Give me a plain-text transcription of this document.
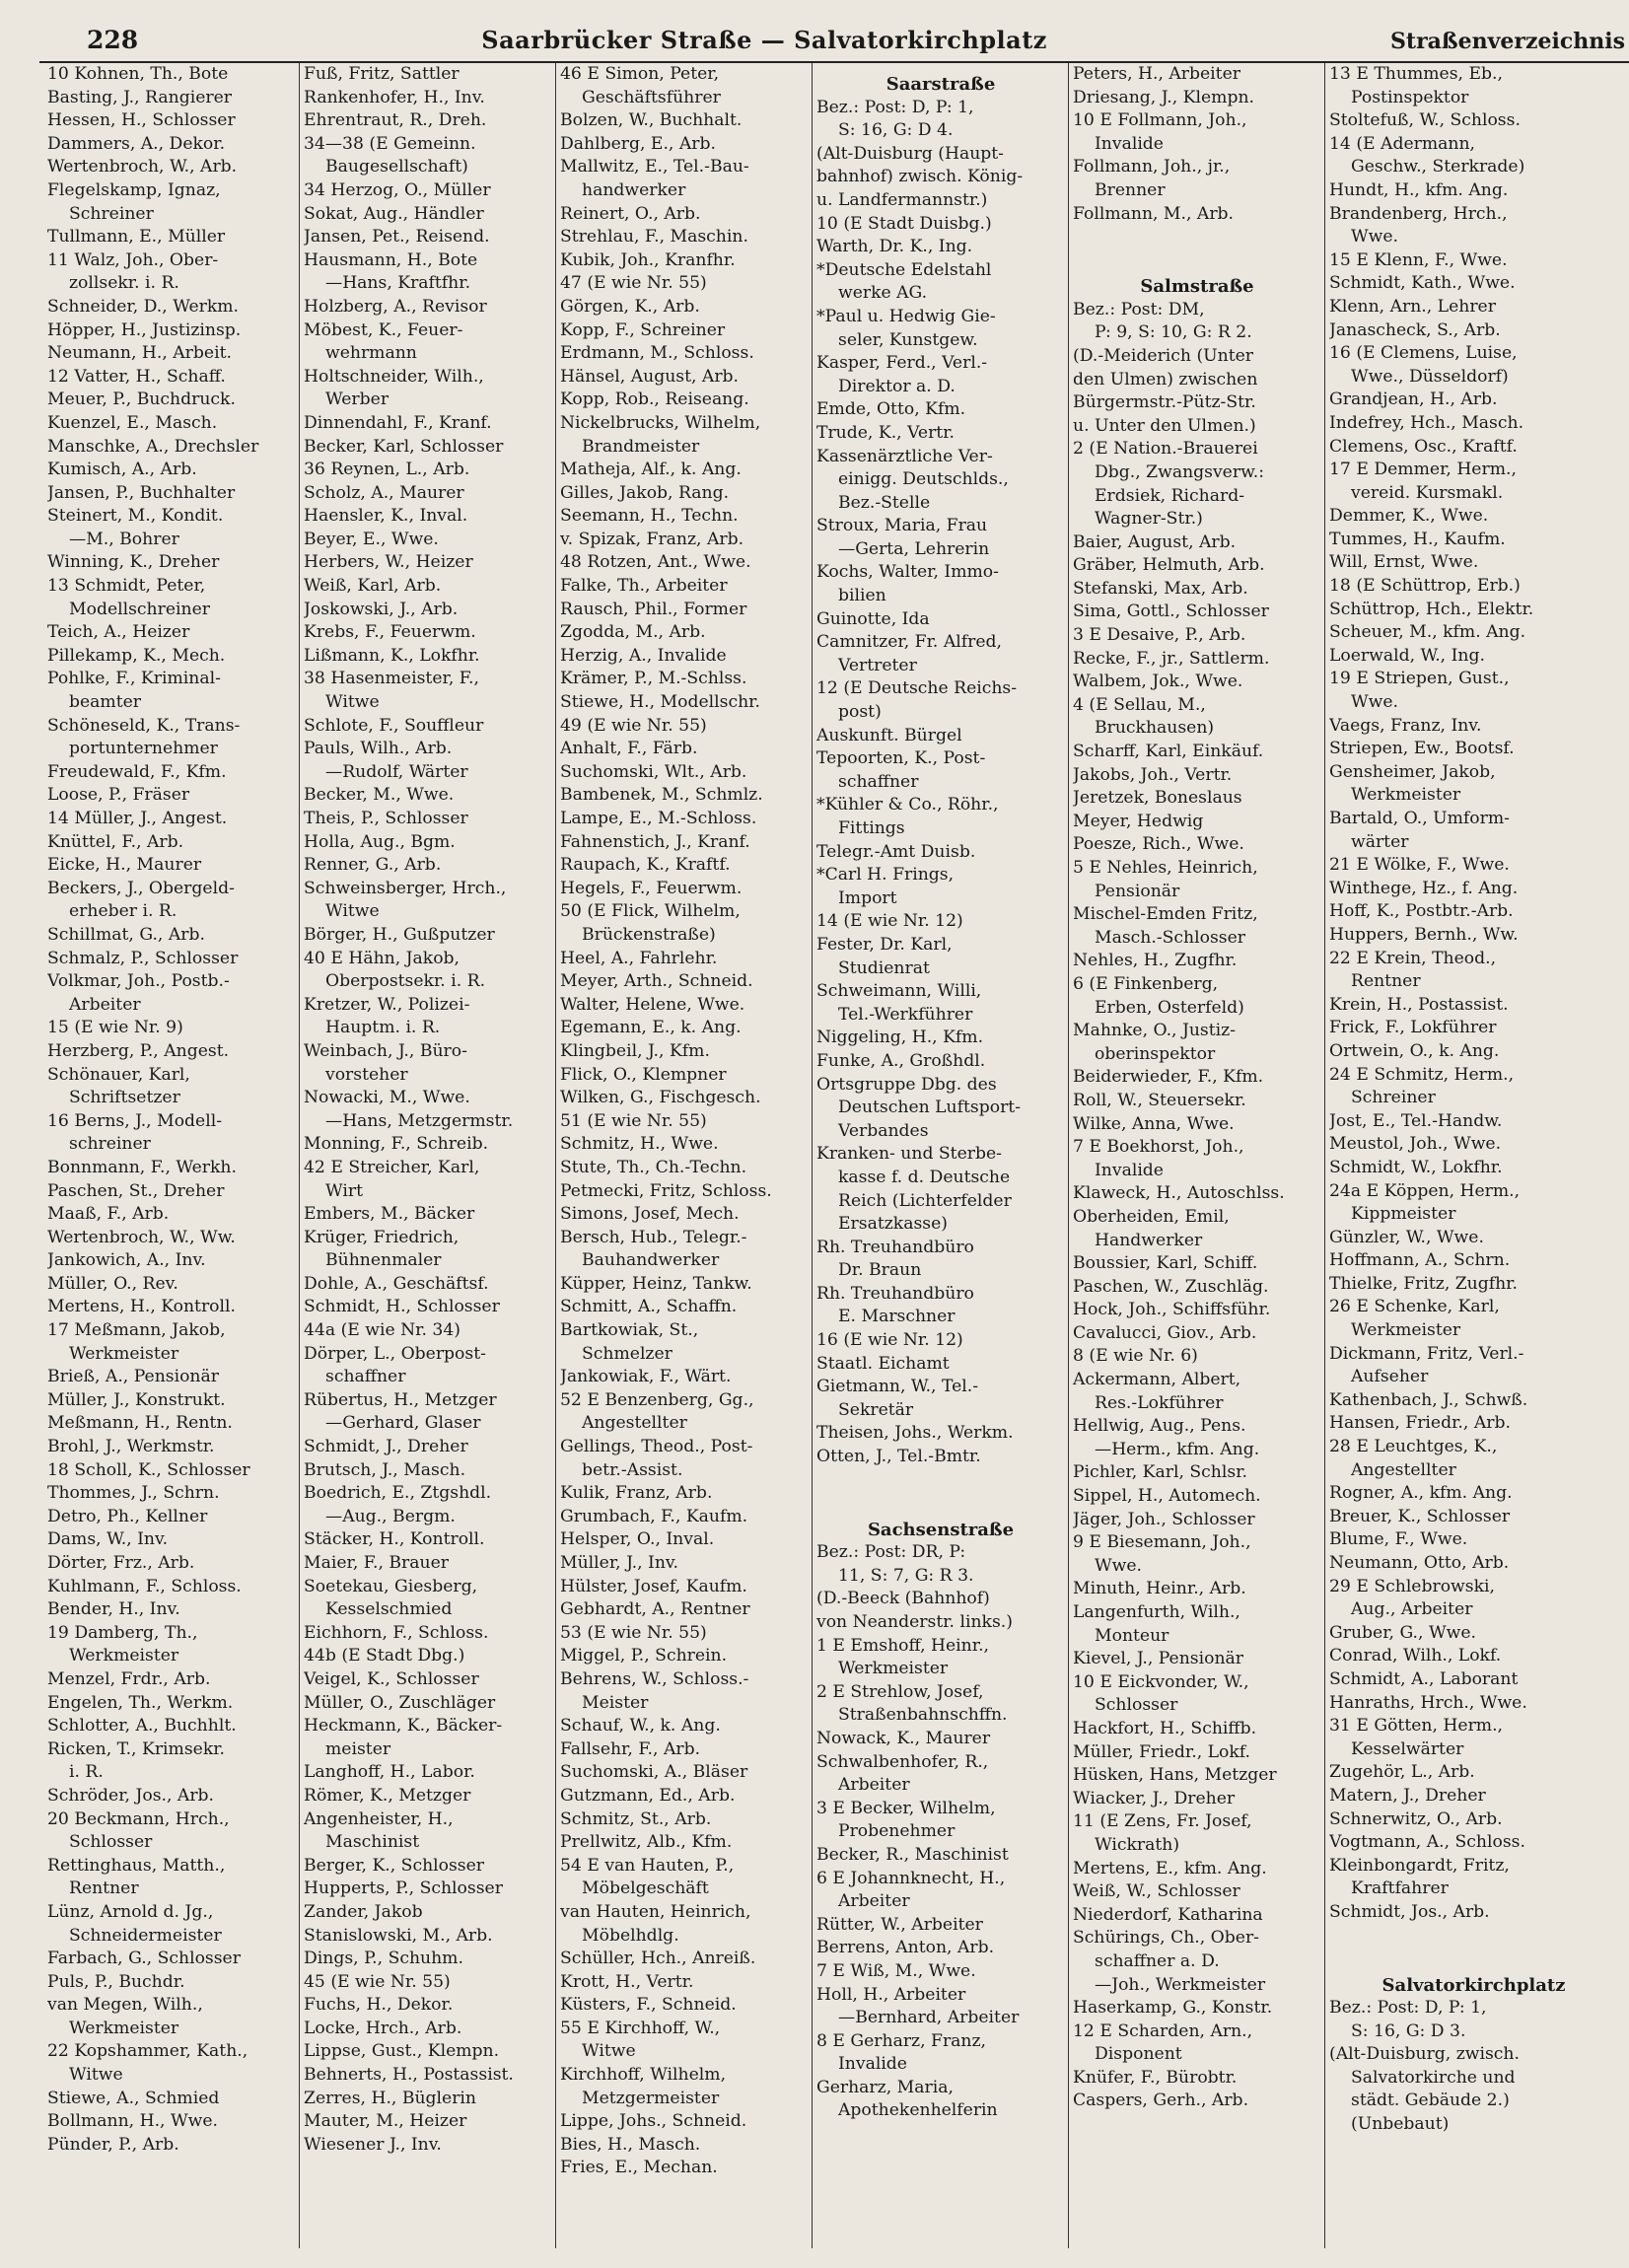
228	Saarbrücker Straße — Salvatorkirchplatz	Straßenverzeichnis
10 Kohnen, Th., Bote
Basting, J., Rangierer
Hessen, H., Schlosser
Dammers, A., Dekor.
Wertenbroch, W., Arb.
Flegelskamp, Ignaz,
Schreiner
Tullmann, E., Müller
11 Walz, Joh., Ober-
zollsekr. i. R.
Schneider, D., Werkm.
Höpper, H., Justizinsp.
Neumann, H., Arbeit.
12 Vatter, H., Schaff.
Meuer, P., Buchdruck.
Kuenzel, E., Masch.
Manschke, A., Drechsler
Kumisch, A., Arb.
Jansen, P., Buchhalter
Steinert, M., Kondit.
—M., Bohrer
Winning, K., Dreher
13 Schmidt, Peter,
Modellschreiner
Teich, A., Heizer
Pillekamp, K., Mech.
Pohlke, F., Kriminal-
beamter
Schöneseld, K., Trans-
portunternehmer
Freudewald, F., Kfm.
Loose, P., Fräser
14 Müller, J., Angest.
Knüttel, F., Arb.
Eicke, H., Maurer
Beckers, J., Obergeld-
erheber i. R.
Schillmat, G., Arb.
Schmalz, P., Schlosser
Volkmar, Joh., Postb.-
Arbeiter
15 (E wie Nr. 9)
Herzberg, P., Angest.
Schönauer, Karl,
Schriftsetzer
16 Berns, J., Modell-
schreiner
Bonnmann, F., Werkh.
Paschen, St., Dreher
Maaß, F., Arb.
Wertenbroch, W., Ww.
Jankowich, A., Inv.
Müller, O., Rev.
Mertens, H., Kontroll.
17 Meßmann, Jakob,
Werkmeister
Brieß, A., Pensionär
Müller, J., Konstrukt.
Meßmann, H., Rentn.
Brohl, J., Werkmstr.
18 Scholl, K., Schlosser
Thommes, J., Schrn.
Detro, Ph., Kellner
Dams, W., Inv.
Dörter, Frz., Arb.
Kuhlmann, F., Schloss.
Bender, H., Inv.
19 Damberg, Th.,
Werkmeister
Menzel, Frdr., Arb.
Engelen, Th., Werkm.
Schlotter, A., Buchhlt.
Ricken, T., Krimsekr.
i. R.
Schröder, Jos., Arb.
20 Beckmann, Hrch.,
Schlosser
Rettinghaus, Matth.,
Rentner
Lünz, Arnold d. Jg.,
Schneidermeister
Farbach, G., Schlosser
Puls, P., Buchdr.
van Megen, Wilh.,
Werkmeister
22 Kopshammer, Kath.,
Witwe
Stiewe, A., Schmied
Bollmann, H., Wwe.
Pünder, P., Arb.
Fuß, Fritz, Sattler
Rankenhofer, H., Inv.
Ehrentraut, R., Dreh.
34—38 (E Gemeinn.
Baugesellschaft)
34 Herzog, O., Müller
Sokat, Aug., Händler
Jansen, Pet., Reisend.
Hausmann, H., Bote
—Hans, Kraftfhr.
Holzberg, A., Revisor
Möbest, K., Feuer-
wehrmann
Holtschneider, Wilh.,
Werber
Dinnendahl, F., Kranf.
Becker, Karl, Schlosser
36 Reynen, L., Arb.
Scholz, A., Maurer
Haensler, K., Inval.
Beyer, E., Wwe.
Herbers, W., Heizer
Weiß, Karl, Arb.
Joskowski, J., Arb.
Krebs, F., Feuerwm.
Lißmann, K., Lokfhr.
38 Hasenmeister, F.,
Witwe
Schlote, F., Souffleur
Pauls, Wilh., Arb.
—Rudolf, Wärter
Becker, M., Wwe.
Theis, P., Schlosser
Holla, Aug., Bgm.
Renner, G., Arb.
Schweinsberger, Hrch.,
Witwe
Börger, H., Gußputzer
40 E Hähn, Jakob,
Oberpostsekr. i. R.
Kretzer, W., Polizei-
Hauptm. i. R.
Weinbach, J., Büro-
vorsteher
Nowacki, M., Wwe.
—Hans, Metzgermstr.
Monning, F., Schreib.
42 E Streicher, Karl,
Wirt
Embers, M., Bäcker
Krüger, Friedrich,
Bühnenmaler
Dohle, A., Geschäftsf.
Schmidt, H., Schlosser
44a (E wie Nr. 34)
Dörper, L., Oberpost-
schaffner
Rübertus, H., Metzger
—Gerhard, Glaser
Schmidt, J., Dreher
Brutsch, J., Masch.
Boedrich, E., Ztgshdl.
—Aug., Bergm.
Stäcker, H., Kontroll.
Maier, F., Brauer
Soetekau, Giesberg,
Kesselschmied
Eichhorn, F., Schloss.
44b (E Stadt Dbg.)
Veigel, K., Schlosser
Müller, O., Zuschläger
Heckmann, K., Bäcker-
meister
Langhoff, H., Labor.
Römer, K., Metzger
Angenheister, H.,
Maschinist
Berger, K., Schlosser
Hupperts, P., Schlosser
Zander, Jakob
Stanislowski, M., Arb.
Dings, P., Schuhm.
45 (E wie Nr. 55)
Fuchs, H., Dekor.
Locke, Hrch., Arb.
Lippse, Gust., Klempn.
Behnerts, H., Postassist.
Zerres, H., Büglerin
Mauter, M., Heizer
Wiesener J., Inv.
46 E Simon, Peter,
Geschäftsführer
Bolzen, W., Buchhalt.
Dahlberg, E., Arb.
Mallwitz, E., Tel.-Bau-
handwerker
Reinert, O., Arb.
Strehlau, F., Maschin.
Kubik, Joh., Kranfhr.
47 (E wie Nr. 55)
Görgen, K., Arb.
Kopp, F., Schreiner
Erdmann, M., Schloss.
Hänsel, August, Arb.
Kopp, Rob., Reiseang.
Nickelbrucks, Wilhelm,
Brandmeister
Matheja, Alf., k. Ang.
Gilles, Jakob, Rang.
Seemann, H., Techn.
v. Spizak, Franz, Arb.
48 Rotzen, Ant., Wwe.
Falke, Th., Arbeiter
Rausch, Phil., Former
Zgodda, M., Arb.
Herzig, A., Invalide
Krämer, P., M.-Schlss.
Stiewe, H., Modellschr.
49 (E wie Nr. 55)
Anhalt, F., Färb.
Suchomski, Wlt., Arb.
Bambenek, M., Schmlz.
Lampe, E., M.-Schloss.
Fahnenstich, J., Kranf.
Raupach, K., Kraftf.
Hegels, F., Feuerwm.
50 (E Flick, Wilhelm,
Brückenstraße)
Heel, A., Fahrlehr.
Meyer, Arth., Schneid.
Walter, Helene, Wwe.
Egemann, E., k. Ang.
Klingbeil, J., Kfm.
Flick, O., Klempner
Wilken, G., Fischgesch.
51 (E wie Nr. 55)
Schmitz, H., Wwe.
Stute, Th., Ch.-Techn.
Petmecki, Fritz, Schloss.
Simons, Josef, Mech.
Bersch, Hub., Telegr.-
Bauhandwerker
Küpper, Heinz, Tankw.
Schmitt, A., Schaffn.
Bartkowiak, St.,
Schmelzer
Jankowiak, F., Wärt.
52 E Benzenberg, Gg.,
Angestellter
Gellings, Theod., Post-
betr.-Assist.
Kulik, Franz, Arb.
Grumbach, F., Kaufm.
Helsper, O., Inval.
Müller, J., Inv.
Hülster, Josef, Kaufm.
Gebhardt, A., Rentner
53 (E wie Nr. 55)
Miggel, P., Schrein.
Behrens, W., Schloss.-
Meister
Schauf, W., k. Ang.
Fallsehr, F., Arb.
Suchomski, A., Bläser
Gutzmann, Ed., Arb.
Schmitz, St., Arb.
Prellwitz, Alb., Kfm.
54 E van Hauten, P.,
Möbelgeschäft
van Hauten, Heinrich,
Möbelhdlg.
Schüller, Hch., Anreiß.
Krott, H., Vertr.
Küsters, F., Schneid.
55 E Kirchhoff, W.,
Witwe
Kirchhoff, Wilhelm,
Metzgermeister
Lippe, Johs., Schneid.
Bies, H., Masch.
Fries, E., Mechan.
Saarstraße
Bez.: Post: D, P: 1,
S: 16, G: D 4.
(Alt-Duisburg (Haupt-
bahnhof) zwisch. König-
u. Landfermannstr.)
10 (E Stadt Duisbg.)
Warth, Dr. K., Ing.
*Deutsche Edelstahl
werke AG.
*Paul u. Hedwig Gie-
seler, Kunstgew.
Kasper, Ferd., Verl.-
Direktor a. D.
Emde, Otto, Kfm.
Trude, K., Vertr.
Kassenärztliche Ver-
einigg. Deutschlds.,
Bez.-Stelle
Stroux, Maria, Frau
—Gerta, Lehrerin
Kochs, Walter, Immo-
bilien
Guinotte, Ida
Camnitzer, Fr. Alfred,
Vertreter
12 (E Deutsche Reichs-
post)
Auskunft. Bürgel
Tepoorten, K., Post-
schaffner
*Kühler & Co., Röhr.,
Fittings
Telegr.-Amt Duisb.
*Carl H. Frings,
Import
14 (E wie Nr. 12)
Fester, Dr. Karl,
Studienrat
Schweimann, Willi,
Tel.-Werkführer
Niggeling, H., Kfm.
Funke, A., Großhdl.
Ortsgruppe Dbg. des
Deutschen Luftsport-
Verbandes
Kranken- und Sterbe-
kasse f. d. Deutsche
Reich (Lichterfelder
Ersatzkasse)
Rh. Treuhandbüro
Dr. Braun
Rh. Treuhandbüro
E. Marschner
16 (E wie Nr. 12)
Staatl. Eichamt
Gietmann, W., Tel.-
Sekretär
Theisen, Johs., Werkm.
Otten, J., Tel.-Bmtr.
Sachsenstraße
Bez.: Post: DR, P:
11, S: 7, G: R 3.
(D.-Beeck (Bahnhof)
von Neanderstr. links.)
1 E Emshoff, Heinr.,
Werkmeister
2 E Strehlow, Josef,
Straßenbahnschffn.
Nowack, K., Maurer
Schwalbenhofer, R.,
Arbeiter
3 E Becker, Wilhelm,
Probenehmer
Becker, R., Maschinist
6 E Johannknecht, H.,
Arbeiter
Rütter, W., Arbeiter
Berrens, Anton, Arb.
7 E Wiß, M., Wwe.
Holl, H., Arbeiter
—Bernhard, Arbeiter
8 E Gerharz, Franz,
Invalide
Gerharz, Maria,
Apothekenhelferin
Peters, H., Arbeiter
Driesang, J., Klempn.
10 E Follmann, Joh.,
Invalide
Follmann, Joh., jr.,
Brenner
Follmann, M., Arb.
Salmstraße
Bez.: Post: DM,
P: 9, S: 10, G: R 2.
(D.-Meiderich (Unter
den Ulmen) zwischen
Bürgermstr.-Pütz-Str.
u. Unter den Ulmen.)
2 (E Nation.-Brauerei
Dbg., Zwangsverw.:
Erdsiek, Richard-
Wagner-Str.)
Baier, August, Arb.
Gräber, Helmuth, Arb.
Stefanski, Max, Arb.
Sima, Gottl., Schlosser
3 E Desaive, P., Arb.
Recke, F., jr., Sattlerm.
Walbem, Jok., Wwe.
4 (E Sellau, M.,
Bruckhausen)
Scharff, Karl, Einkäuf.
Jakobs, Joh., Vertr.
Jeretzek, Boneslaus
Meyer, Hedwig
Poesze, Rich., Wwe.
5 E Nehles, Heinrich,
Pensionär
Mischel-Emden Fritz,
Masch.-Schlosser
Nehles, H., Zugfhr.
6 (E Finkenberg,
Erben, Osterfeld)
Mahnke, O., Justiz-
oberinspektor
Beiderwieder, F., Kfm.
Roll, W., Steuersekr.
Wilke, Anna, Wwe.
7 E Boekhorst, Joh.,
Invalide
Klaweck, H., Autoschlss.
Oberheiden, Emil,
Handwerker
Boussier, Karl, Schiff.
Paschen, W., Zuschläg.
Hock, Joh., Schiffsführ.
Cavalucci, Giov., Arb.
8 (E wie Nr. 6)
Ackermann, Albert,
Res.-Lokführer
Hellwig, Aug., Pens.
—Herm., kfm. Ang.
Pichler, Karl, Schlsr.
Sippel, H., Automech.
Jäger, Joh., Schlosser
9 E Biesemann, Joh.,
Wwe.
Minuth, Heinr., Arb.
Langenfurth, Wilh.,
Monteur
Kievel, J., Pensionär
10 E Eickvonder, W.,
Schlosser
Hackfort, H., Schiffb.
Müller, Friedr., Lokf.
Hüsken, Hans, Metzger
Wiacker, J., Dreher
11 (E Zens, Fr. Josef,
Wickrath)
Mertens, E., kfm. Ang.
Weiß, W., Schlosser
Niederdorf, Katharina
Schürings, Ch., Ober-
schaffner a. D.
—Joh., Werkmeister
Haserkamp, G., Konstr.
12 E Scharden, Arn.,
Disponent
Knüfer, F., Bürobtr.
Caspers, Gerh., Arb.
13 E Thummes, Eb.,
Postinspektor
Stoltefuß, W., Schloss.
14 (E Adermann,
Geschw., Sterkrade)
Hundt, H., kfm. Ang.
Brandenberg, Hrch.,
Wwe.
15 E Klenn, F., Wwe.
Schmidt, Kath., Wwe.
Klenn, Arn., Lehrer
Janascheck, S., Arb.
16 (E Clemens, Luise,
Wwe., Düsseldorf)
Grandjean, H., Arb.
Indefrey, Hch., Masch.
Clemens, Osc., Kraftf.
17 E Demmer, Herm.,
vereid. Kursmakl.
Demmer, K., Wwe.
Tummes, H., Kaufm.
Will, Ernst, Wwe.
18 (E Schüttrop, Erb.)
Schüttrop, Hch., Elektr.
Scheuer, M., kfm. Ang.
Loerwald, W., Ing.
19 E Striepen, Gust.,
Wwe.
Vaegs, Franz, Inv.
Striepen, Ew., Bootsf.
Gensheimer, Jakob,
Werkmeister
Bartald, O., Umform-
wärter
21 E Wölke, F., Wwe.
Winthege, Hz., f. Ang.
Hoff, K., Postbtr.-Arb.
Huppers, Bernh., Ww.
22 E Krein, Theod.,
Rentner
Krein, H., Postassist.
Frick, F., Lokführer
Ortwein, O., k. Ang.
24 E Schmitz, Herm.,
Schreiner
Jost, E., Tel.-Handw.
Meustol, Joh., Wwe.
Schmidt, W., Lokfhr.
24a E Köppen, Herm.,
Kippmeister
Günzler, W., Wwe.
Hoffmann, A., Schrn.
Thielke, Fritz, Zugfhr.
26 E Schenke, Karl,
Werkmeister
Dickmann, Fritz, Verl.-
Aufseher
Kathenbach, J., Schwß.
Hansen, Friedr., Arb.
28 E Leuchtges, K.,
Angestellter
Rogner, A., kfm. Ang.
Breuer, K., Schlosser
Blume, F., Wwe.
Neumann, Otto, Arb.
29 E Schlebrowski,
Aug., Arbeiter
Gruber, G., Wwe.
Conrad, Wilh., Lokf.
Schmidt, A., Laborant
Hanraths, Hrch., Wwe.
31 E Götten, Herm.,
Kesselwärter
Zugehör, L., Arb.
Matern, J., Dreher
Schnerwitz, O., Arb.
Vogtmann, A., Schloss.
Kleinbongardt, Fritz,
Kraftfahrer
Schmidt, Jos., Arb.
Salvatorkirchplatz
Bez.: Post: D, P: 1,
S: 16, G: D 3.
(Alt-Duisburg, zwisch.
Salvatorkirche und
städt. Gebäude 2.)
(Unbebaut)
